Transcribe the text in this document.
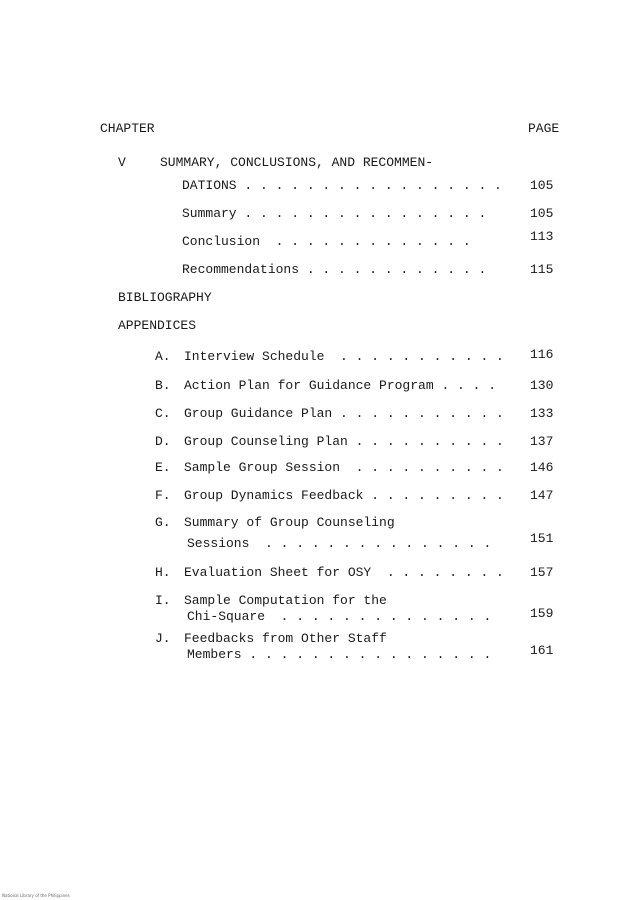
CHAPTER	PAGE
V	SUMMARY, CONCLUSIONS, AND RECOMMEN-
DATIONS . . . . . . . . . . . . . . . . . 105
Summary . . . . . . . . . . . . . . . .	105
Conclusion  . . . . . . . . . . . . .	113
Recommendations . . . . . . . . . . . .	115
BIBLIOGRAPHY
APPENDICES
A. Interview Schedule  . . . . . . . . . . . 116
B. Action Plan for Guidance Program . . . .	130
C. Group Guidance Plan . . . . . . . . . . . 133
D. Group Counseling Plan . . . . . . . . . . 137
E. Sample Group Session  . . . . . . . . . . 146
F. Group Dynamics Feedback . . . . . . . . . 147
G. Summary of Group Counseling
Sessions  . . . . . . . . . . . . . . .	151
H. Evaluation Sheet for OSY  . . . . . . . . 157
I. Sample Computation for the
Chi-Square  . . . . . . . . . . . . . .	159
J. Feedbacks from Other Staff
Members . . . . . . . . . . . . . . . .	161
National Library of the Philippines
